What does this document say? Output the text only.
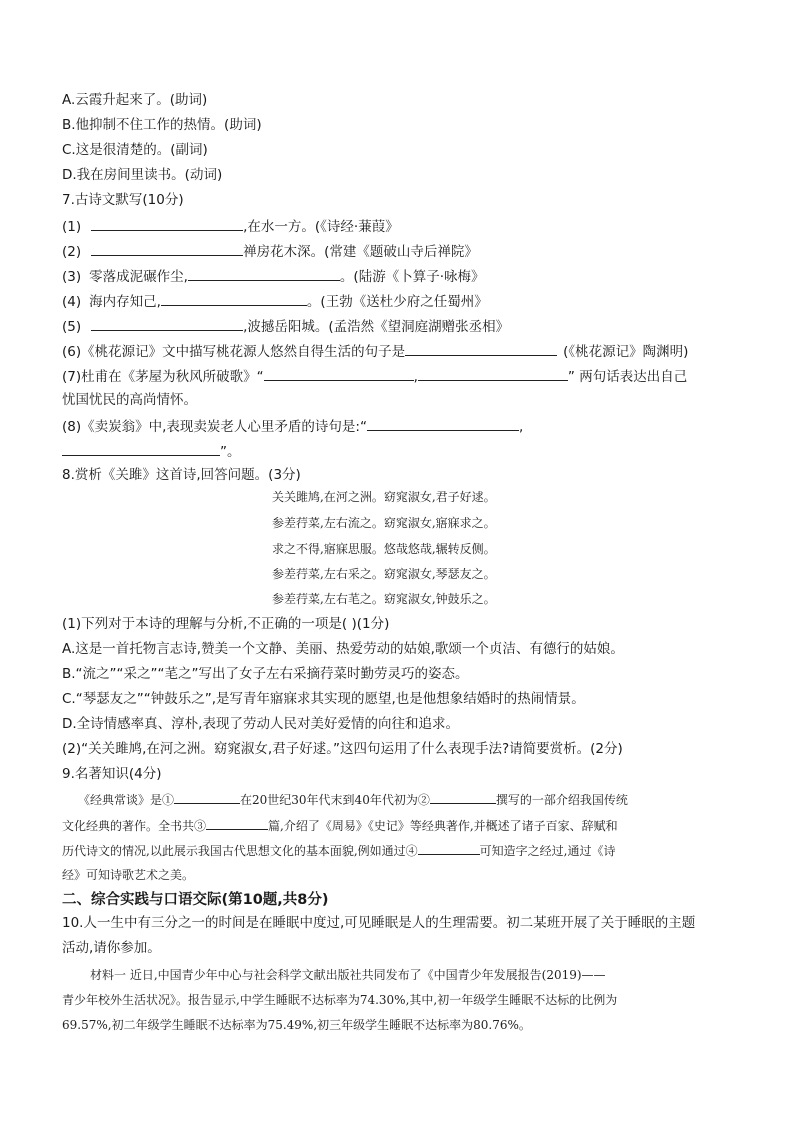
A.云霞升起来了。(助词)
B.他抑制不住工作的热情。(助词)
C.这是很清楚的。(副词)
D.我在房间里读书。(动词)
7.古诗文默写(10分)
(1)	,在水一方。(《诗经·蒹葭》
(2)	禅房花木深。(常建《题破山寺后禅院》
(3) 零落成泥碾作尘,	。(陆游《卜算子·咏梅》
(4) 海内存知己,	。(王勃《送杜少府之任蜀州》
(5)	,波撼岳阳城。(孟浩然《望洞庭湖赠张丞相》
(6)《桃花源记》文中描写桃花源人悠然自得生活的句子是	(《桃花源记》陶渊明)
(7)杜甫在《茅屋为秋风所破歌》“	,	” 两句话表达出自己
忧国忧民的高尚情怀。
(8)《卖炭翁》中,表现卖炭老人心里矛盾的诗句是:“	,
”。
8.赏析《关雎》这首诗,回答问题。(3分)
关关雎鸠,在河之洲。窈窕淑女,君子好逑。
参差荇菜,左右流之。窈窕淑女,寤寐求之。
求之不得,寤寐思服。悠哉悠哉,辗转反侧。
参差荇菜,左右采之。窈窕淑女,琴瑟友之。
参差荇菜,左右芼之。窈窕淑女,钟鼓乐之。
(1)下列对于本诗的理解与分析,不正确的一项是( )(1分)
A.这是一首托物言志诗,赞美一个文静、美丽、热爱劳动的姑娘,歌颂一个贞洁、有德行的姑娘。
B.“流之”“采之”“芼之”写出了女子左右采摘荇菜时勤劳灵巧的姿态。
C.“琴瑟友之”“钟鼓乐之”,是写青年寤寐求其实现的愿望,也是他想象结婚时的热闹情景。
D.全诗情感率真、淳朴,表现了劳动人民对美好爱情的向往和追求。
(2)“关关雎鸠,在河之洲。窈窕淑女,君子好逑。”这四句运用了什么表现手法?请简要赏析。(2分)
9.名著知识(4分)
《经典常谈》是①	在20世纪30年代末到40年代初为②	撰写的一部介绍我国传统
文化经典的著作。全书共③	篇,介绍了《周易》《史记》等经典著作,并概述了诸子百家、辞赋和
历代诗文的情况,以此展示我国古代思想文化的基本面貌,例如通过④	可知造字之经过,通过《诗
经》可知诗歌艺术之美。
二、综合实践与口语交际(第10题,共8分)
10.人一生中有三分之一的时间是在睡眠中度过,可见睡眠是人的生理需要。初二某班开展了关于睡眠的主题
活动,请你参加。
材料一 近日,中国青少年中心与社会科学文献出版社共同发布了《中国青少年发展报告(2019)——
青少年校外生活状况》。报告显示,中学生睡眠不达标率为74.30%,其中,初一年级学生睡眠不达标的比例为
69.57%,初二年级学生睡眠不达标率为75.49%,初三年级学生睡眠不达标率为80.76%。
